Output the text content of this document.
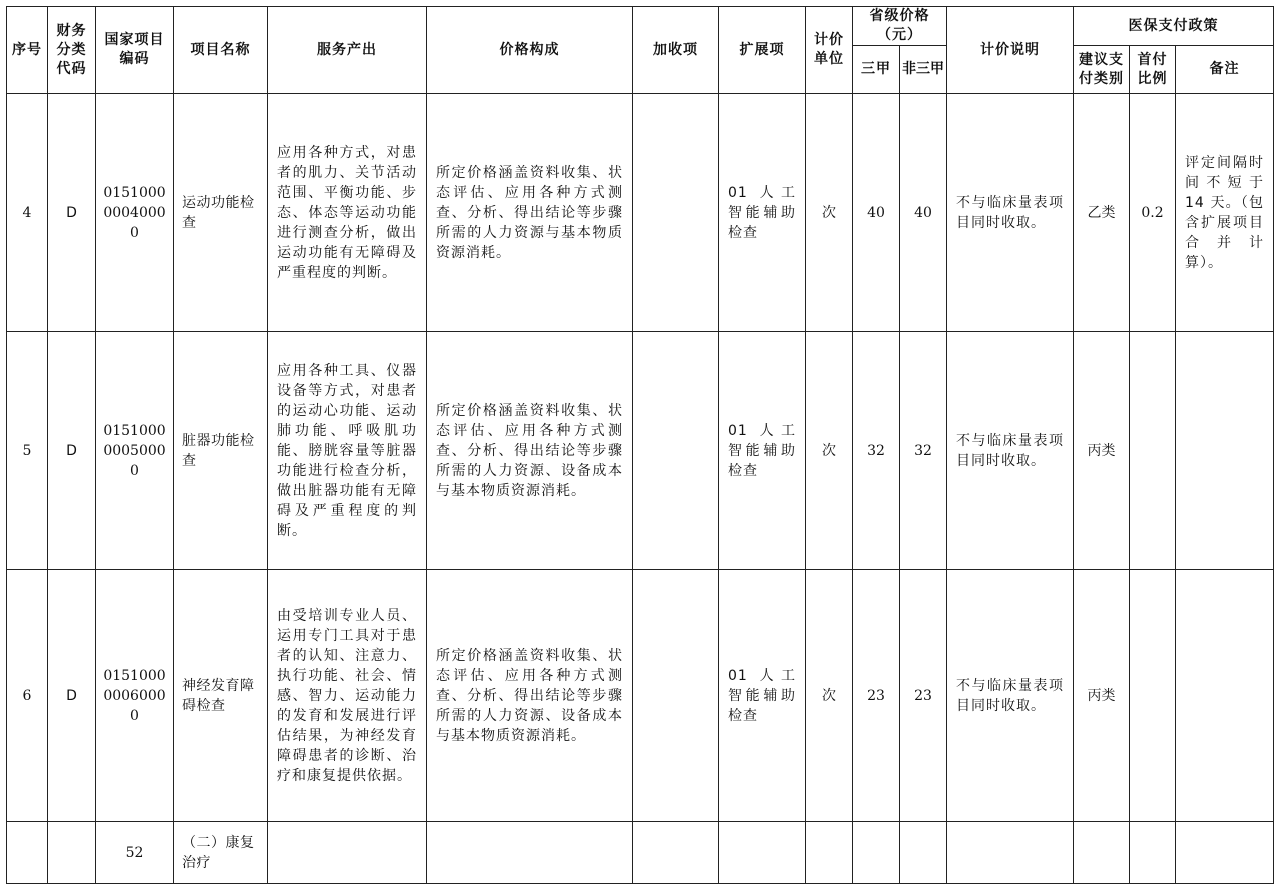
序号	财务分类代码	国家项目编码	项目名称	服务产出	价格构成	加收项	扩展项	计价单位	省级价格（元）		计价说明	医保支付政策		
									三甲	非三甲		建议支付类别	首付比例	备注
4	D	015100000040000	运动功能检查	应用各种方式，对患者的肌力、关节活动范围、平衡功能、步态、体态等运动功能进行测查分析，做出运动功能有无障碍及严重程度的判断。	所定价格涵盖资料收集、状态评估、应用各种方式测查、分析、得出结论等步骤所需的人力资源与基本物质资源消耗。		01 人工智能辅助检查	次	40	40	不与临床量表项目同时收取。	乙类	0.2	评定间隔时间不短于 14 天。（包含扩展项目合并计算）。
5	D	015100000050000	脏器功能检查	应用各种工具、仪器设备等方式，对患者的运动心功能、运动肺功能、呼吸肌功能、膀胱容量等脏器功能进行检查分析，做出脏器功能有无障碍及严重程度的判断。	所定价格涵盖资料收集、状态评估、应用各种方式测查、分析、得出结论等步骤所需的人力资源、设备成本与基本物质资源消耗。		01 人工智能辅助检查	次	32	32	不与临床量表项目同时收取。	丙类		
6	D	015100000060000	神经发育障碍检查	由受培训专业人员、运用专门工具对于患者的认知、注意力、执行功能、社会、情感、智力、运动能力的发育和发展进行评估结果，为神经发育障碍患者的诊断、治疗和康复提供依据。	所定价格涵盖资料收集、状态评估、应用各种方式测查、分析、得出结论等步骤所需的人力资源、设备成本与基本物质资源消耗。		01 人工智能辅助检查	次	23	23	不与临床量表项目同时收取。	丙类		
		52	（二）康复治疗											
